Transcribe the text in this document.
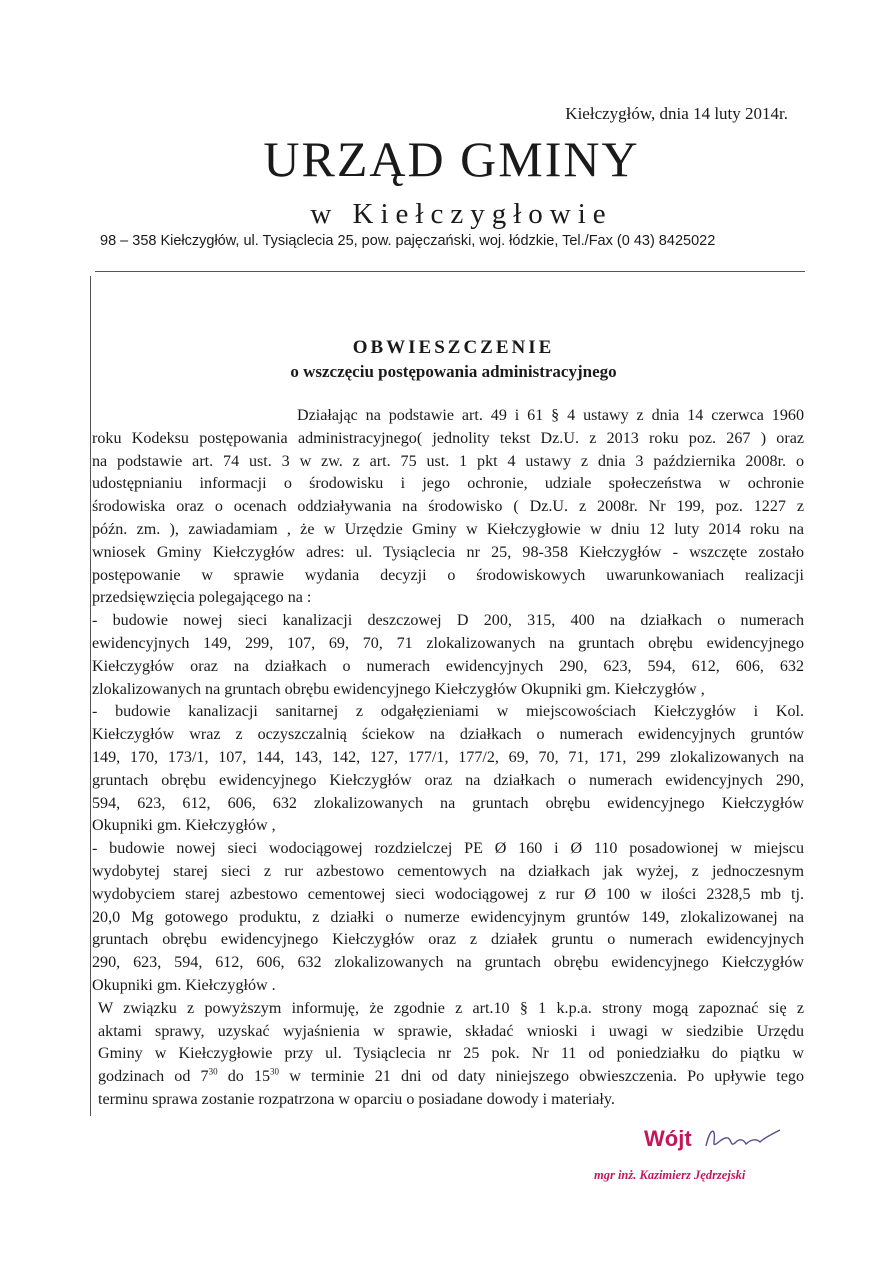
Kiełczygłów, dnia 14 luty 2014r.
URZĄD GMINY
w Kiełczygłowie
98 – 358 Kiełczygłów, ul. Tysiąclecia 25, pow. pajęczański, woj. łódzkie, Tel./Fax (0 43) 8425022
OBWIESZCZENIE
o wszczęciu postępowania administracyjnego
Działając na podstawie art. 49 i 61 § 4 ustawy z dnia 14 czerwca 1960
roku Kodeksu postępowania administracyjnego( jednolity tekst Dz.U. z 2013 roku poz. 267 ) oraz
na podstawie art. 74 ust. 3 w zw. z art. 75 ust. 1 pkt 4 ustawy z dnia 3 października 2008r. o
udostępnianiu informacji o środowisku i jego ochronie, udziale społeczeństwa w ochronie
środowiska oraz o ocenach oddziaływania na środowisko ( Dz.U. z 2008r. Nr 199, poz. 1227 z
późn. zm. ), zawiadamiam , że w Urzędzie Gminy w Kiełczygłowie w dniu 12 luty 2014 roku na
wniosek Gminy Kiełczygłów adres: ul. Tysiąclecia nr 25, 98-358 Kiełczygłów - wszczęte zostało
postępowanie w sprawie wydania decyzji o środowiskowych uwarunkowaniach realizacji
przedsięwzięcia polegającego na :
- budowie nowej sieci kanalizacji deszczowej D 200, 315, 400 na działkach o numerach
ewidencyjnych 149, 299, 107, 69, 70, 71 zlokalizowanych na gruntach obrębu ewidencyjnego
Kiełczygłów oraz na działkach o numerach ewidencyjnych 290, 623, 594, 612, 606, 632
zlokalizowanych na gruntach obrębu ewidencyjnego Kiełczygłów Okupniki gm. Kiełczygłów ,
- budowie kanalizacji sanitarnej z odgałęzieniami w miejscowościach Kiełczygłów i Kol.
Kiełczygłów wraz z oczyszczalnią ściekow na działkach o numerach ewidencyjnych gruntów
149, 170, 173/1, 107, 144, 143, 142, 127, 177/1, 177/2, 69, 70, 71, 171, 299 zlokalizowanych na
gruntach obrębu ewidencyjnego Kiełczygłów oraz na działkach o numerach ewidencyjnych 290,
594, 623, 612, 606, 632 zlokalizowanych na gruntach obrębu ewidencyjnego Kiełczygłów
Okupniki gm. Kiełczygłów ,
- budowie nowej sieci wodociągowej rozdzielczej PE Ø 160 i Ø 110 posadowionej w miejscu
wydobytej starej sieci z rur azbestowo cementowych na działkach jak wyżej, z jednoczesnym
wydobyciem starej azbestowo cementowej sieci wodociągowej z rur Ø 100 w ilości 2328,5 mb tj.
20,0 Mg gotowego produktu, z działki o numerze ewidencyjnym gruntów 149, zlokalizowanej na
gruntach obrębu ewidencyjnego Kiełczygłów oraz z działek gruntu o numerach ewidencyjnych
290, 623, 594, 612, 606, 632 zlokalizowanych na gruntach obrębu ewidencyjnego Kiełczygłów
Okupniki gm. Kiełczygłów .
W związku z powyższym informuję, że zgodnie z art.10 § 1 k.p.a. strony mogą zapoznać się z
aktami sprawy, uzyskać wyjaśnienia w sprawie, składać wnioski i uwagi w siedzibie Urzędu
Gminy w Kiełczygłowie przy ul. Tysiąclecia nr 25 pok. Nr 11 od poniedziałku do piątku w
godzinach od $7^{30}$ do $15^{30}$ w terminie 21 dni od daty niniejszego obwieszczenia. Po upływie tego
terminu sprawa zostanie rozpatrzona w oparciu o posiadane dowody i materiały.
Wójt
mgr inż. Kazimierz Jędrzejski
